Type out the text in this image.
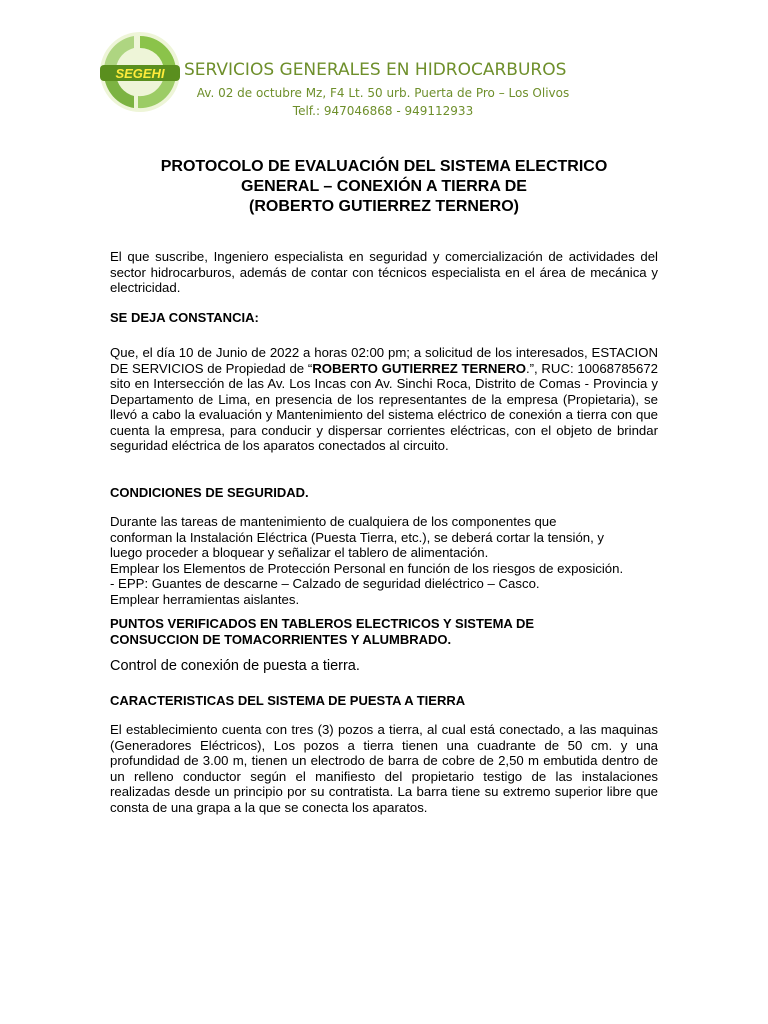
SEGEHI SERVICIOS GENERALES EN HIDROCARBUROS
Av. 02 de octubre Mz, F4 Lt. 50 urb. Puerta de Pro – Los Olivos
Telf.: 947046868 - 949112933
PROTOCOLO DE EVALUACIÓN DEL SISTEMA ELECTRICO
GENERAL – CONEXIÓN A TIERRA DE
(ROBERTO GUTIERREZ TERNERO)
El que suscribe, Ingeniero especialista en seguridad y comercialización de actividades del sector hidrocarburos, además de contar con técnicos especialista en el área de mecánica y electricidad.
SE DEJA CONSTANCIA:
Que, el día 10 de Junio de 2022 a horas 02:00 pm; a solicitud de los interesados, ESTACION DE SERVICIOS de Propiedad de “ROBERTO GUTIERREZ TERNERO.”, RUC: 10068785672 sito en Intersección de las Av. Los Incas con Av. Sinchi Roca, Distrito de Comas - Provincia y Departamento de Lima, en presencia de los representantes de la empresa (Propietaria), se llevó a cabo la evaluación y Mantenimiento del sistema eléctrico de conexión a tierra con que cuenta la empresa, para conducir y dispersar corrientes eléctricas, con el objeto de brindar seguridad eléctrica de los aparatos conectados al circuito.
CONDICIONES DE SEGURIDAD.
Durante las tareas de mantenimiento de cualquiera de los componentes que
conforman la Instalación Eléctrica (Puesta Tierra, etc.), se deberá cortar la tensión, y
luego proceder a bloquear y señalizar el tablero de alimentación.
Emplear los Elementos de Protección Personal en función de los riesgos de exposición.
- EPP: Guantes de descarne – Calzado de seguridad dieléctrico – Casco.
Emplear herramientas aislantes.
PUNTOS VERIFICADOS EN TABLEROS ELECTRICOS Y SISTEMA DE
CONSUCCION DE TOMACORRIENTES Y ALUMBRADO.
Control de conexión de puesta a tierra.
CARACTERISTICAS DEL SISTEMA DE PUESTA A TIERRA
El establecimiento cuenta con tres (3) pozos a tierra, al cual está conectado, a las maquinas (Generadores Eléctricos), Los pozos a tierra tienen una cuadrante de 50 cm. y una profundidad de 3.00 m, tienen un electrodo de barra de cobre de 2,50 m embutida dentro de un relleno conductor según el manifiesto del propietario testigo de las instalaciones realizadas desde un principio por su contratista. La barra tiene su extremo superior libre que consta de una grapa a la que se conecta los aparatos.
